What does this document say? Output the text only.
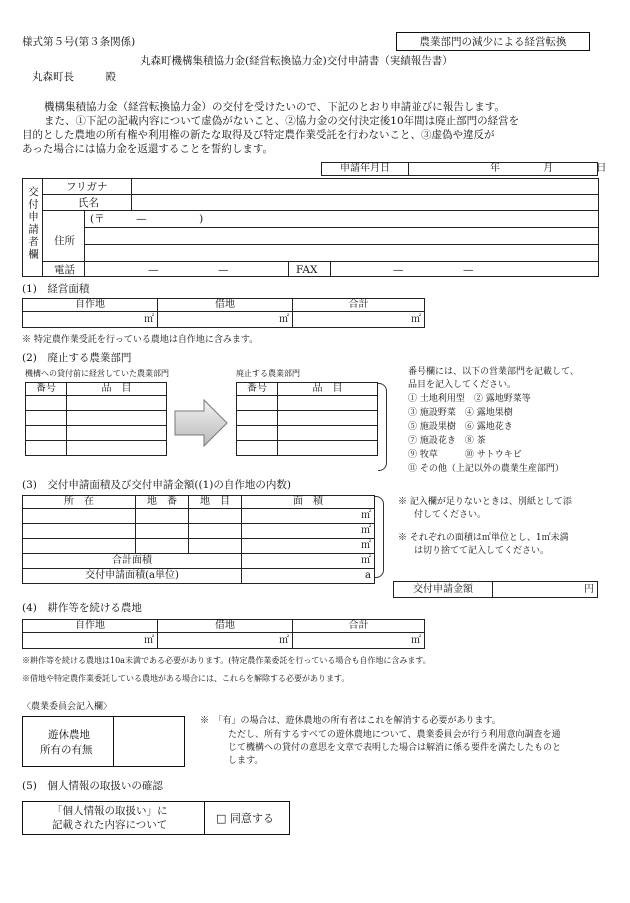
様式第５号(第３条関係)	農業部門の減少による経営転換
丸森町機構集積協力金(経営転換協力金)交付申請書（実績報告書）
丸森町長　　　殿
機構集積協力金（経営転換協力金）の交付を受けたいので、下記のとおり申請並びに報告します。
また、①下記の記載内容について虚偽がないこと、②協力金の交付決定後10年間は廃止部門の経営を
目的とした農地の所有権や利用権の新たな取得及び特定農作業受託を行わないこと、③虚偽や違反が
あった場合には協力金を返還することを誓約します。
申請年月日	年	月	日
交付申請者欄	フリガナ
氏名
住所
(〒　　　—　　　　　)
電話	—	—	FAX	—	—
(1)　経営面積
自作地	借地	合計
㎡	㎡	㎡
※ 特定農作業受託を行っている農地は自作地に含みます。
(2)　廃止する農業部門
機構への貸付前に経営していた農業部門	廃止する農業部門
番号	品　目

		番号	品　目

番号欄には、以下の営業部門を記載して、
品目を記入してください。
① 土地利用型　② 露地野菜等
③ 施設野菜　④ 露地果樹
⑤ 施設果樹　⑥ 露地花き
⑦ 施設花き　⑧ 茶
⑨ 牧草　　　⑩ サトウキビ
⑪ その他（上記以外の農業生産部門）
(3)　交付申請面積及び交付申請金額((1)の自作地の内数)
所　在	地　番	地　目	面　積
			㎡
			㎡
			㎡
合計面積			㎡
交付申請面積(a単位)			a
※ 記入欄が足りないときは、別紙として添
付してください。
※ それぞれの面積は㎡単位とし、1㎡未満
は切り捨てて記入してください。
交付申請金額	円
(4)　耕作等を続ける農地
自作地	借地	合計
㎡	㎡	㎡
※耕作等を続ける農地は10a未満である必要があります。(特定農作業委託を行っている場合も自作地に含みます。
※借地や特定農作業委託している農地がある場合には、これらを解除する必要があります。
〈農業委員会記入欄〉
遊休農地
所有の有無
※　「有」の場合は、遊休農地の所有者はこれを解消する必要があります。
ただし、所有するすべての遊休農地について、農業委員会が行う利用意向調査を通
じて機構への貸付の意思を文章で表明した場合は解消に係る要件を満たしたものと
します。
(5)　個人情報の取扱いの確認
「個人情報の取扱い」に
記載された内容について	□ 同意する
